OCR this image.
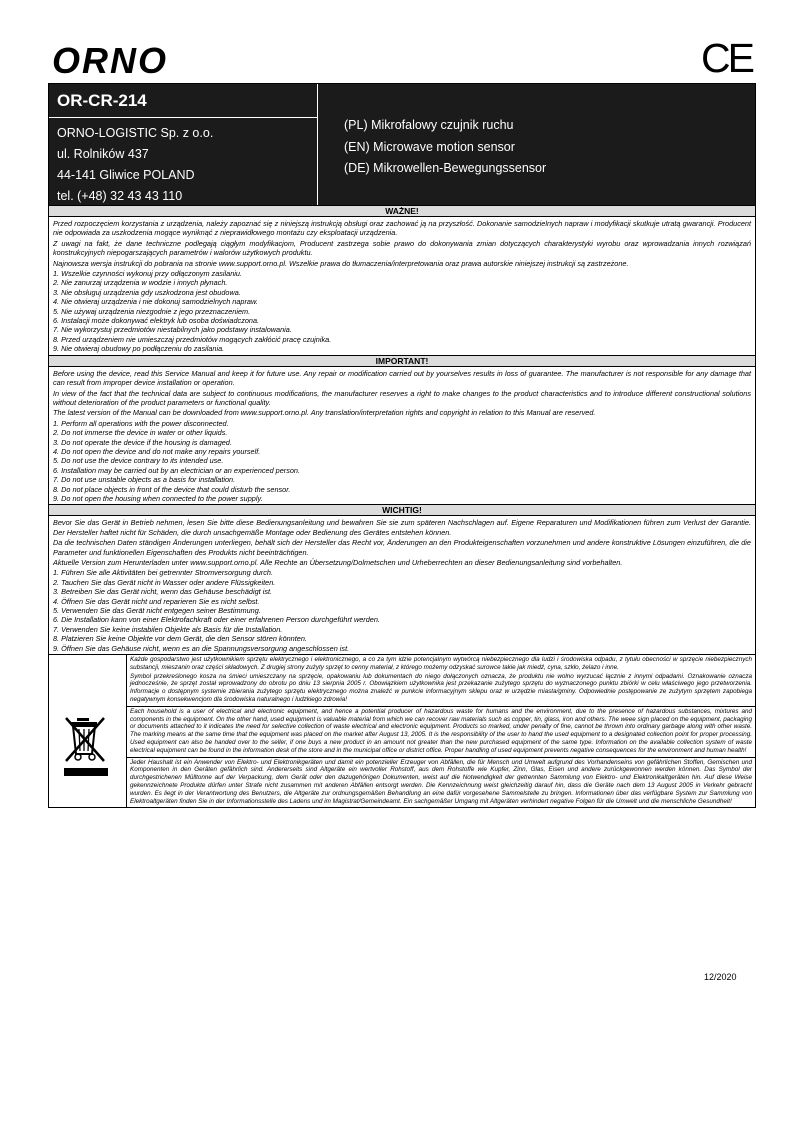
ORNO	CE
OR-CR-214
ORNO-LOGISTIC Sp. z o.o.
ul. Rolników 437
44-141 Gliwice POLAND
tel. (+48) 32 43 43 110
(PL) Mikrofalowy czujnik ruchu
(EN) Microwave motion sensor
(DE) Mikrowellen-Bewegungssensor
WAŻNE!

Przed rozpoczęciem korzystania z urządzenia, należy zapoznać się z niniejszą instrukcją obsługi oraz zachować ją na przyszłość. Dokonanie samodzielnych napraw i modyfikacji skutkuje utratą gwarancji. Producent nie odpowiada za uszkodzenia mogące wyniknąć z nieprawidłowego montażu czy eksploatacji urządzenia.

Z uwagi na fakt, że dane techniczne podlegają ciągłym modyfikacjom, Producent zastrzega sobie prawo do dokonywania zmian dotyczących charakterystyki wyrobu oraz wprowadzania innych rozwiązań konstrukcyjnych niepogarszających parametrów i walorów użytkowych produktu.

Najnowsza wersja instrukcji do pobrania na stronie www.support.orno.pl. Wszelkie prawa do tłumaczenia/interpretowania oraz prawa autorskie niniejszej instrukcji są zastrzeżone.

1. Wszelkie czynności wykonuj przy odłączonym zasilaniu.
2. Nie zanurzaj urządzenia w wodzie i innych płynach.
3. Nie obsługuj urządzenia gdy uszkodzona jest obudowa.
4. Nie otwieraj urządzenia i nie dokonuj samodzielnych napraw.
5. Nie używaj urządzenia niezgodnie z jego przeznaczeniem.
6. Instalacji może dokonywać elektryk lub osoba doświadczona.
7. Nie wykorzystuj przedmiotów niestabilnych jako podstawy instalowania.
8. Przed urządzeniem nie umieszczaj przedmiotów mogących zakłócić pracę czujnika.
9. Nie otwieraj obudowy po podłączeniu do zasilania.
IMPORTANT!

Before using the device, read this Service Manual and keep it for future use. Any repair or modification carried out by yourselves results in loss of guarantee. The manufacturer is not responsible for any damage that can result from improper device installation or operation.

In view of the fact that the technical data are subject to continuous modifications, the manufacturer reserves a right to make changes to the product characteristics and to introduce different constructional solutions without deterioration of the product parameters or functional quality.

The latest version of the Manual can be downloaded from www.support.orno.pl. Any translation/interpretation rights and copyright in relation to this Manual are reserved.

1. Perform all operations with the power disconnected.
2. Do not immerse the device in water or other liquids.
3. Do not operate the device if the housing is damaged.
4. Do not open the device and do not make any repairs yourself.
5. Do not use the device contrary to its intended use.
6. Installation may be carried out by an electrician or an experienced person.
7. Do not use unstable objects as a basis for installation.
8. Do not place objects in front of the device that could disturb the sensor.
9. Do not open the housing when connected to the power supply.
WICHTIG!

Bevor Sie das Gerät in Betrieb nehmen, lesen Sie bitte diese Bedienungsanleitung und bewahren Sie sie zum späteren Nachschlagen auf. Eigene Reparaturen und Modifikationen führen zum Verlust der Garantie. Der Hersteller haftet nicht für Schäden, die durch unsachgemäße Montage oder Bedienung des Gerätes entstehen können.

Da die technischen Daten ständigen Änderungen unterliegen, behält sich der Hersteller das Recht vor, Änderungen an den Produkteigenschaften vorzunehmen und andere konstruktive Lösungen einzuführen, die die Parameter und funktionellen Eigenschaften des Produkts nicht beeinträchtigen.

Aktuelle Version zum Herunterladen unter www.support.orno.pl. Alle Rechte an Übersetzung/Dolmetschen und Urheberrechten an dieser Bedienungsanleitung sind vorbehalten.

1. Führen Sie alle Aktivitäten bei getrennter Stromversorgung durch.
2. Tauchen Sie das Gerät nicht in Wasser oder andere Flüssigkeiten.
3. Betreiben Sie das Gerät nicht, wenn das Gehäuse beschädigt ist.
4. Öffnen Sie das Gerät nicht und reparieren Sie es nicht selbst.
5. Verwenden Sie das Gerät nicht entgegen seiner Bestimmung.
6. Die Installation kann von einer Elektrofachkraft oder einer erfahrenen Person durchgeführt werden.
7. Verwenden Sie keine instabilen Objekte als Basis für die Installation.
8. Platzieren Sie keine Objekte vor dem Gerät, die den Sensor stören könnten.
9. Öffnen Sie das Gehäuse nicht, wenn es an die Spannungsversorgung angeschlossen ist.

Każde gospodarstwo jest użytkownikiem sprzętu elektrycznego i elektronicznego, a co za tym idzie potencjalnym wytwórcą niebezpiecznego dla ludzi i środowiska odpadu, z tytułu obecności w sprzęcie niebezpiecznych substancji, mieszanin oraz części składowych. Z drugiej strony zużyty sprzęt to cenny materiał, z którego możemy odzyskać surowce takie jak miedź, cyna, szkło, żelazo i inne.

Symbol przekreślonego kosza na śmieci umieszczany na sprzęcie, opakowaniu lub dokumentach do niego dołączonych oznacza, że produktu nie wolno wyrzucać łącznie z innymi odpadami. Oznakowanie oznacza jednocześnie, że sprzęt został wprowadzony do obrotu po dniu 13 sierpnia 2005 r. Obowiązkiem użytkownika jest przekazanie zużytego sprzętu do wyznaczonego punktu zbiórki w celu właściwego jego przetworzenia. Informacje o dostępnym systemie zbierania zużytego sprzętu elektrycznego można znaleźć w punkcie informacyjnym sklepu oraz w urzędzie miasta/gminy. Odpowiednie postępowanie ze zużytym sprzętem zapobiega negatywnym konsekwencjom dla środowiska naturalnego i ludzkiego zdrowia!

Each household is a user of electrical and electronic equipment, and hence a potential producer of hazardous waste for humans and the environment, due to the presence of hazardous substances, mixtures and components in the equipment. On the other hand, used equipment is valuable material from which we can recover raw materials such as copper, tin, glass, iron and others. The weee sign placed on the equipment, packaging or documents attached to it indicates the need for selective collection of waste electrical and electronic equipment. Products so marked, under penalty of fine, cannot be thrown into ordinary garbage along with other waste. The marking means at the same time that the equipment was placed on the market after August 13, 2005. It is the responsibility of the user to hand the used equipment to a designated collection point for proper processing. Used equipment can also be handed over to the seller, if one buys a new product in an amount not greater than the new purchased equipment of the same type. Information on the available collection system of waste electrical equipment can be found in the information desk of the store and in the municipal office or district office. Proper handling of used equipment prevents negative consequences for the environment and human health!

Jeder Haushalt ist ein Anwender von Elektro- und Elektronikgeräten und damit ein potenzieller Erzeuger von Abfällen, die für Mensch und Umwelt aufgrund des Vorhandenseins von gefährlichen Stoffen, Gemischen und Komponenten in den Geräten gefährlich sind. Andererseits sind Altgeräte ein wertvoller Rohstoff, aus dem Rohstoffe wie Kupfer, Zinn, Glas, Eisen und andere zurückgewonnen werden können. Das Symbol der durchgestrichenen Mülltonne auf der Verpackung, dem Gerät oder den dazugehörigen Dokumenten, weist auf die Notwendigkeit der getrennten Sammlung von Elektro- und Elektronikaltgeräten hin. Auf diese Weise gekennzeichnete Produkte dürfen unter Strafe nicht zusammen mit anderen Abfällen entsorgt werden. Die Kennzeichnung weist gleichzeitig darauf hin, dass die Geräte nach dem 13 August 2005 in Verkehr gebracht wurden. Es liegt in der Verantwortung des Benutzers, die Altgeräte zur ordnungsgemäßen Behandlung an eine dafür vorgesehene Sammelstelle zu bringen. Informationen über das verfügbare System zur Sammlung von Elektroaltgeräten finden Sie in der Informationsstelle des Ladens und im Magistrat/Gemeindeamt. Ein sachgemäßer Umgang mit Altgeräten verhindert negative Folgen für die Umwelt und die menschliche Gesundheit!

12/2020
